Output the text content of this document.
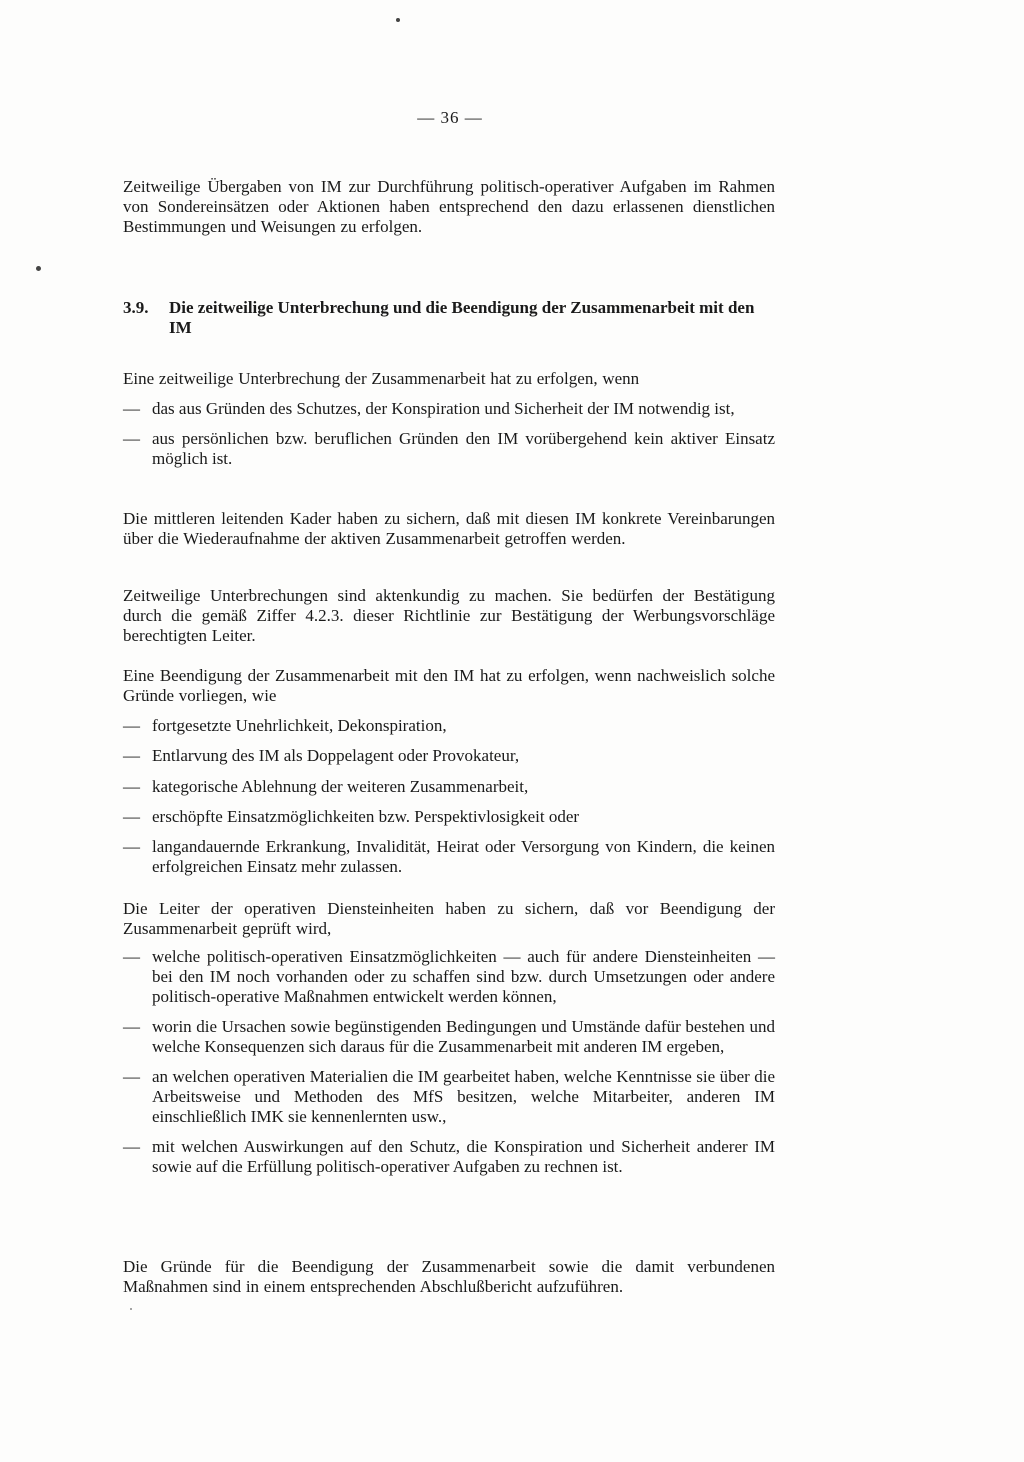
— 36 —
Zeitweilige Übergaben von IM zur Durchführung politisch-operativer Aufgaben im Rahmen von Sondereinsätzen oder Aktionen haben entsprechend den dazu erlassenen dienstlichen Bestimmungen und Weisungen zu erfolgen.
3.9.	Die zeitweilige Unterbrechung und die Beendigung der Zusammenarbeit mit den IM
Eine zeitweilige Unterbrechung der Zusammenarbeit hat zu erfolgen, wenn
— das aus Gründen des Schutzes, der Konspiration und Sicherheit der IM notwendig ist,
— aus persönlichen bzw. beruflichen Gründen den IM vorübergehend kein aktiver Einsatz möglich ist.
Die mittleren leitenden Kader haben zu sichern, daß mit diesen IM konkrete Vereinbarungen über die Wiederaufnahme der aktiven Zusammenarbeit getroffen werden.
Zeitweilige Unterbrechungen sind aktenkundig zu machen. Sie bedürfen der Bestätigung durch die gemäß Ziffer 4.2.3. dieser Richtlinie zur Bestätigung der Werbungsvorschläge berechtigten Leiter.
Eine Beendigung der Zusammenarbeit mit den IM hat zu erfolgen, wenn nachweislich solche Gründe vorliegen, wie
— fortgesetzte Unehrlichkeit, Dekonspiration,
— Entlarvung des IM als Doppelagent oder Provokateur,
— kategorische Ablehnung der weiteren Zusammenarbeit,
— erschöpfte Einsatzmöglichkeiten bzw. Perspektivlosigkeit oder
— langandauernde Erkrankung, Invalidität, Heirat oder Versorgung von Kindern, die keinen erfolgreichen Einsatz mehr zulassen.
Die Leiter der operativen Diensteinheiten haben zu sichern, daß vor Beendigung der Zusammenarbeit geprüft wird,
— welche politisch-operativen Einsatzmöglichkeiten — auch für andere Diensteinheiten — bei den IM noch vorhanden oder zu schaffen sind bzw. durch Umsetzungen oder andere politisch-operative Maßnahmen entwickelt werden können,
— worin die Ursachen sowie begünstigenden Bedingungen und Umstände dafür bestehen und welche Konsequenzen sich daraus für die Zusammenarbeit mit anderen IM ergeben,
— an welchen operativen Materialien die IM gearbeitet haben, welche Kenntnisse sie über die Arbeitsweise und Methoden des MfS besitzen, welche Mitarbeiter, anderen IM einschließlich IMK sie kennenlernten usw.,
— mit welchen Auswirkungen auf den Schutz, die Konspiration und Sicherheit anderer IM sowie auf die Erfüllung politisch-operativer Aufgaben zu rechnen ist.
Die Gründe für die Beendigung der Zusammenarbeit sowie die damit verbundenen Maßnahmen sind in einem entsprechenden Abschlußbericht aufzuführen.
